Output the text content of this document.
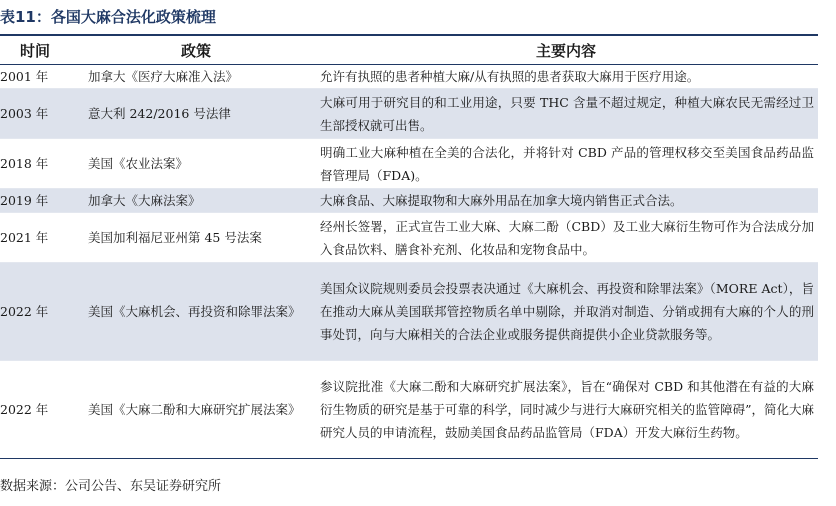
表11：各国大麻合法化政策梳理
时间	政策	主要内容
2001 年	加拿大《医疗大麻准入法》	允许有执照的患者种植大麻/从有执照的患者获取大麻用于医疗用途。
2003 年	意大利 242/2016 号法律	大麻可用于研究目的和工业用途，只要 THC 含量不超过规定，种植大麻农民无需经过卫生部授权就可出售。
2018 年	美国《农业法案》	明确工业大麻种植在全美的合法化，并将针对 CBD 产品的管理权移交至美国食品药品监督管理局（FDA)。
2019 年	加拿大《大麻法案》	大麻食品、大麻提取物和大麻外用品在加拿大境内销售正式合法。
2021 年	美国加利福尼亚州第 45 号法案	经州长签署，正式宣告工业大麻、大麻二酚（CBD）及工业大麻衍生物可作为合法成分加入食品饮料、膳食补充剂、化妆品和宠物食品中。
2022 年	美国《大麻机会、再投资和除罪法案》	美国众议院规则委员会投票表决通过《大麻机会、再投资和除罪法案》（MORE Act），旨在推动大麻从美国联邦管控物质名单中剔除，并取消对制造、分销或拥有大麻的个人的刑事处罚，向与大麻相关的合法企业或服务提供商提供小企业贷款服务等。
2022 年	美国《大麻二酚和大麻研究扩展法案》	参议院批准《大麻二酚和大麻研究扩展法案》，旨在“确保对 CBD 和其他潜在有益的大麻衍生物质的研究是基于可靠的科学，同时减少与进行大麻研究相关的监管障碍”，简化大麻研究人员的申请流程，鼓励美国食品药品监管局（FDA）开发大麻衍生药物。
数据来源：公司公告、东吴证券研究所
